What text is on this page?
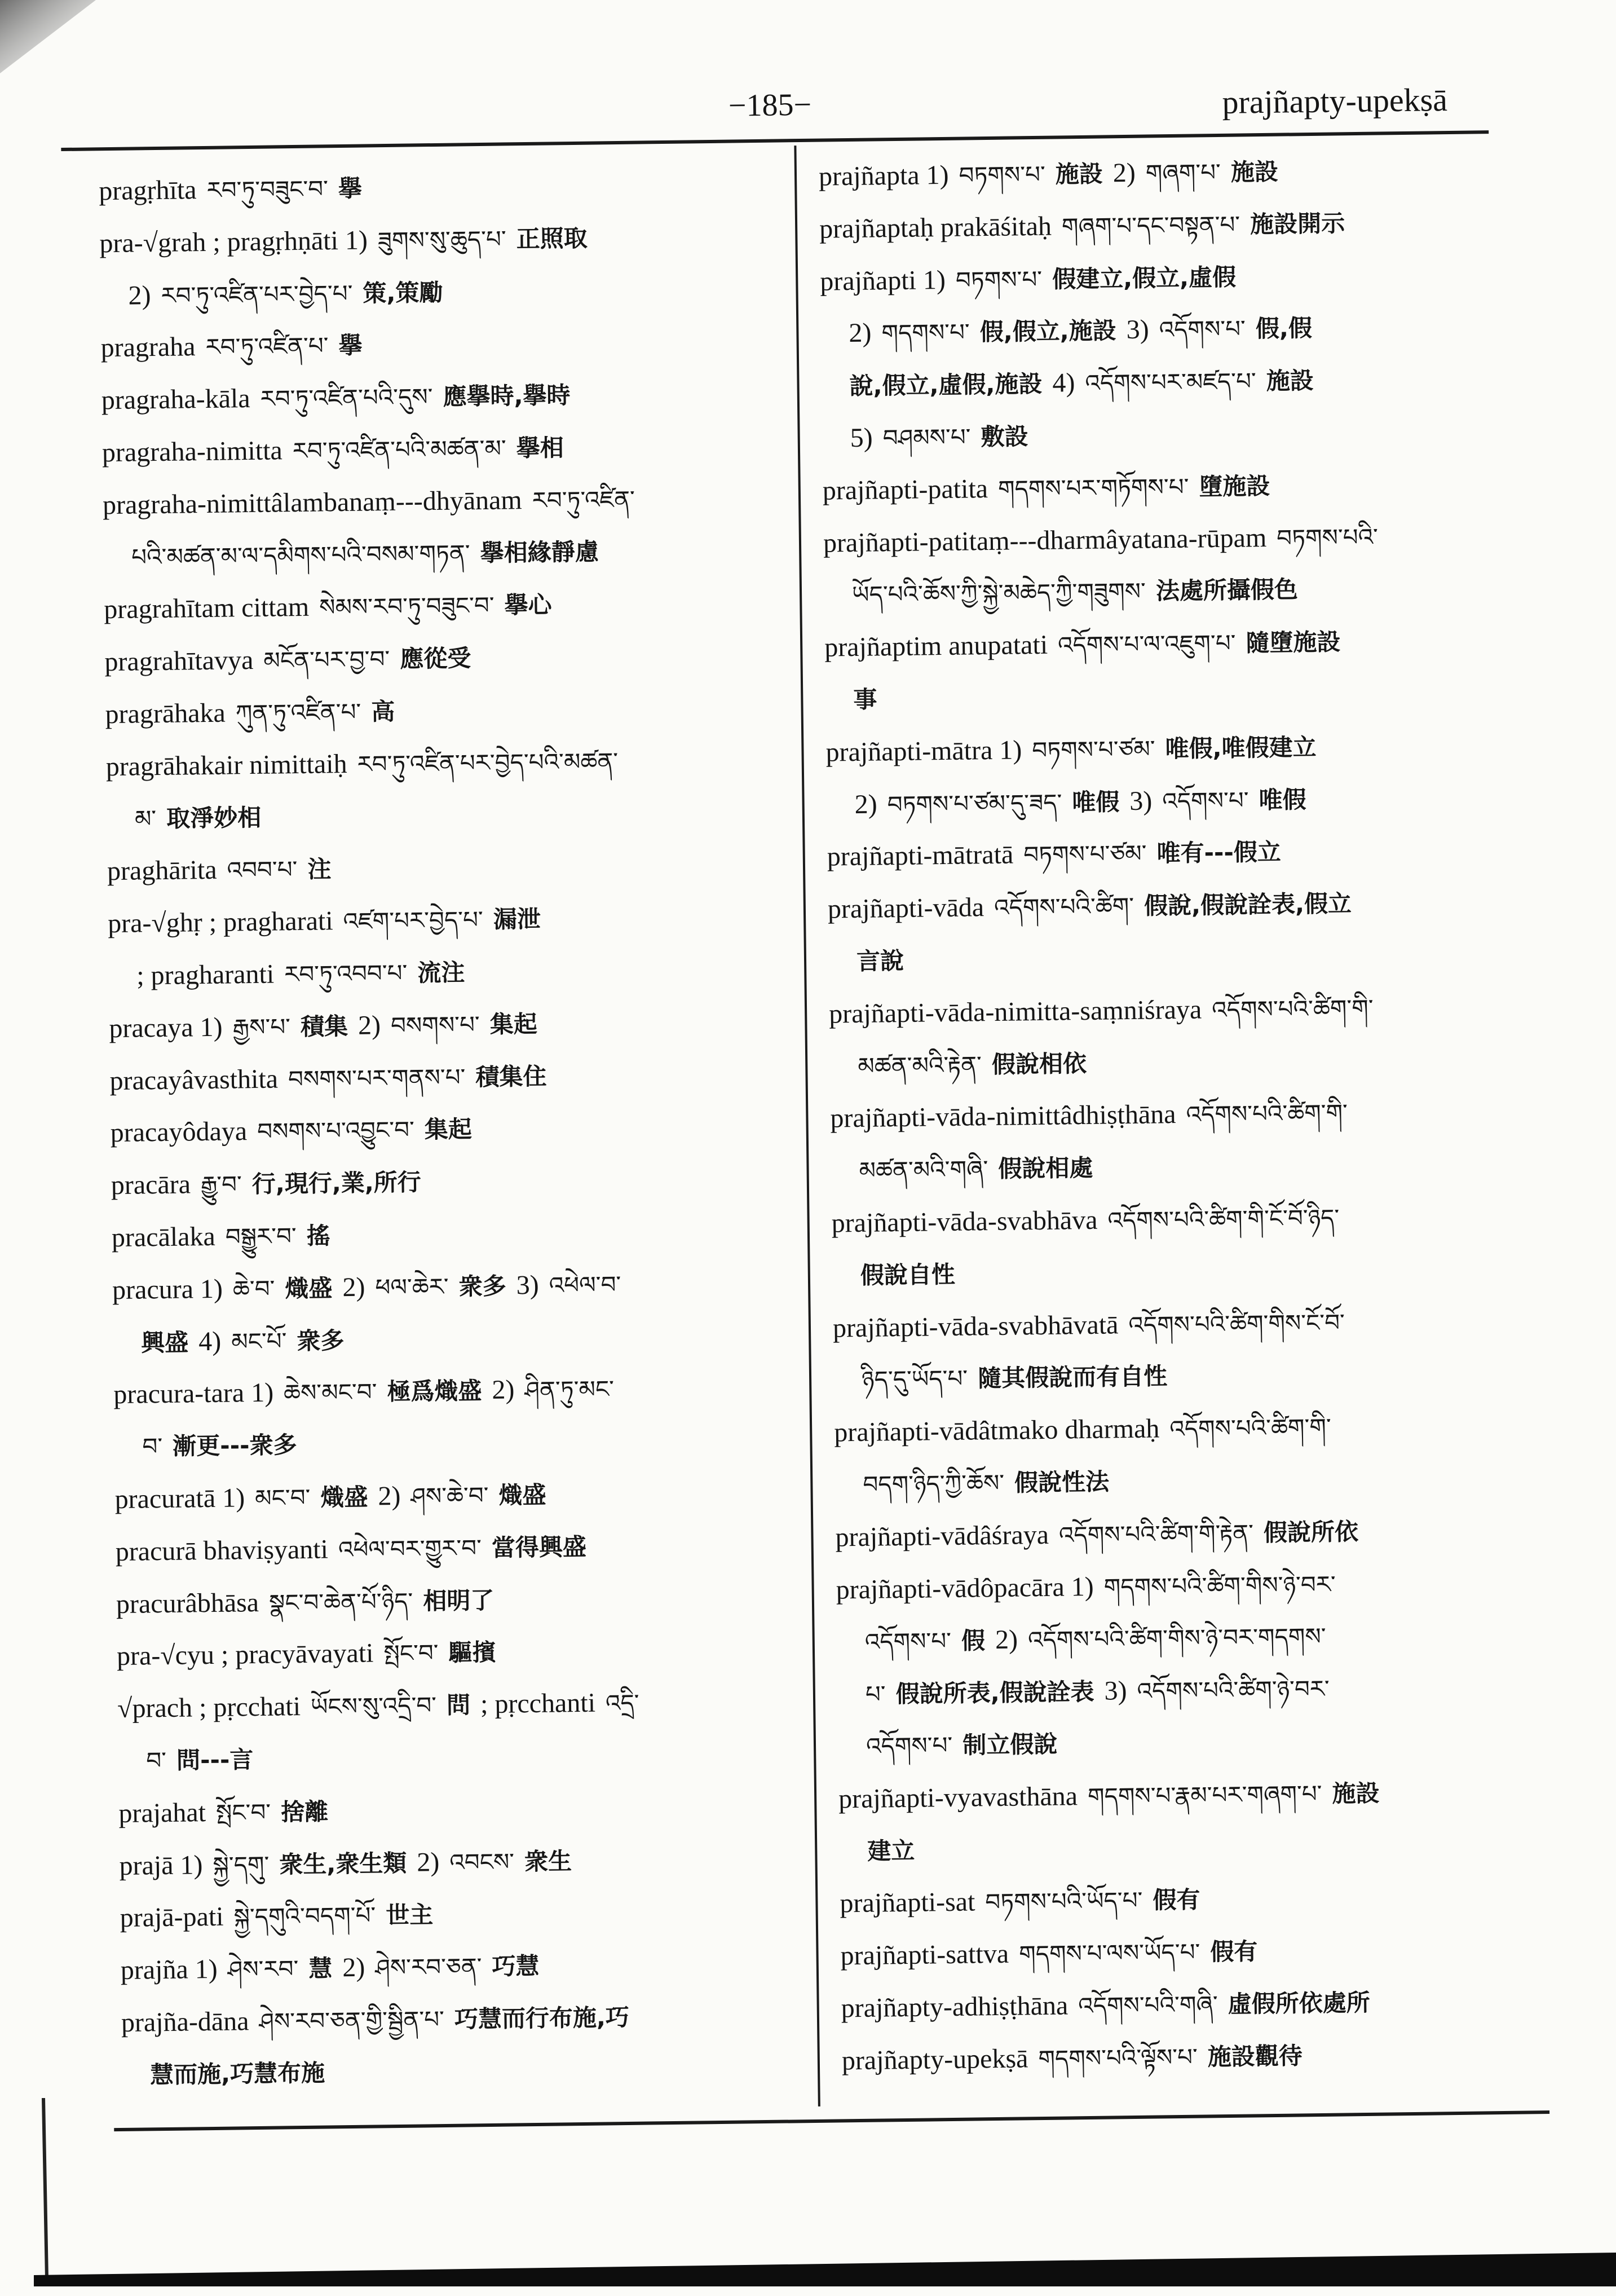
−185−	prajñapty-upekṣā
pragṛhīta རབ་ཏུ་བཟུང་བ་ 擧
pra-√grah ; pragṛhṇāti 1) ཟུགས་སུ་ཆུད་པ་ 正照取
2) རབ་ཏུ་འཛིན་པར་བྱེད་པ་ 策,策勵
pragraha རབ་ཏུ་འཛིན་པ་ 擧
pragraha-kāla རབ་ཏུ་འཛིན་པའི་དུས་ 應擧時,擧時
pragraha-nimitta རབ་ཏུ་འཛིན་པའི་མཚན་མ་ 擧相
pragraha-nimittâlambanaṃ---dhyānam རབ་ཏུ་འཛིན་
པའི་མཚན་མ་ལ་དམིགས་པའི་བསམ་གཏན་ 擧相緣靜慮
pragrahītam cittam སེམས་རབ་ཏུ་བཟུང་བ་ 擧心
pragrahītavya མངོན་པར་བྱ་བ་ 應從受
pragrāhaka ཀུན་ཏུ་འཛིན་པ་ 高
pragrāhakair nimittaiḥ རབ་ཏུ་འཛིན་པར་བྱེད་པའི་མཚན་
མ་ 取淨妙相
praghārita འབབ་པ་ 注
pra-√ghṛ ; pragharati འཛག་པར་བྱེད་པ་ 漏泄
; pragharanti རབ་ཏུ་འབབ་པ་ 流注
pracaya 1) རྒྱས་པ་ 積集 2) བསགས་པ་ 集起
pracayâvasthita བསགས་པར་གནས་པ་ 積集住
pracayôdaya བསགས་པ་འབྱུང་བ་ 集起
pracāra རྒྱུ་བ་ 行,現行,業,所行
pracālaka བསྒྱུར་བ་ 搖
pracura 1) ཆེ་བ་ 熾盛 2) ཕལ་ཆེར་ 衆多 3) འཕེལ་བ་
興盛 4) མང་པོ་ 衆多
pracura-tara 1) ཆེས་མང་བ་ 極爲熾盛 2) ཤིན་ཏུ་མང་
བ་ 漸更---衆多
pracuratā 1) མང་བ་ 熾盛 2) ཤས་ཆེ་བ་ 熾盛
pracurā bhaviṣyanti འཕེལ་བར་གྱུར་བ་ 當得興盛
pracurâbhāsa སྣང་བ་ཆེན་པོ་ཉིད་ 相明了
pra-√cyu ; pracyāvayati སྤོང་བ་ 驅擯
√prach ; pṛcchati ཡོངས་སུ་འདྲི་བ་ 問 ; pṛcchanti འདྲི་
བ་ 問---言
prajahat སྤོང་བ་ 捨離
prajā 1) སྐྱེ་དགུ་ 衆生,衆生類 2) འབངས་ 衆生
prajā-pati སྐྱེ་དགུའི་བདག་པོ་ 世主
prajña 1) ཤེས་རབ་ 慧 2) ཤེས་རབ་ཅན་ 巧慧
prajña-dāna ཤེས་རབ་ཅན་གྱི་སྦྱིན་པ་ 巧慧而行布施,巧
慧而施,巧慧布施
prajñapta 1) བཏགས་པ་ 施設 2) གཞག་པ་ 施設
prajñaptaḥ prakāśitaḥ གཞག་པ་དང་བསྟན་པ་ 施設開示
prajñapti 1) བཏགས་པ་ 假建立,假立,虛假
2) གདགས་པ་ 假,假立,施設 3) འདོགས་པ་ 假,假
說,假立,虛假,施設 4) འདོགས་པར་མཛད་པ་ 施設
5) བཤམས་པ་ 敷設
prajñapti-patita གདགས་པར་གཏོགས་པ་ 墮施設
prajñapti-patitaṃ---dharmâyatana-rūpam བཏགས་པའི་
ཡོད་པའི་ཆོས་ཀྱི་སྐྱེ་མཆེད་ཀྱི་གཟུགས་ 法處所攝假色
prajñaptim anupatati འདོགས་པ་ལ་འཇུག་པ་ 隨墮施設
事
prajñapti-mātra 1) བཏགས་པ་ཙམ་ 唯假,唯假建立
2) བཏགས་པ་ཙམ་དུ་ཟད་ 唯假 3) འདོགས་པ་ 唯假
prajñapti-mātratā བཏགས་པ་ཙམ་ 唯有---假立
prajñapti-vāda འདོགས་པའི་ཚིག་ 假說,假說詮表,假立
言說
prajñapti-vāda-nimitta-saṃniśraya འདོགས་པའི་ཚིག་གི་
མཚན་མའི་རྟེན་ 假說相依
prajñapti-vāda-nimittâdhiṣṭhāna འདོགས་པའི་ཚིག་གི་
མཚན་མའི་གཞི་ 假說相處
prajñapti-vāda-svabhāva འདོགས་པའི་ཚིག་གི་ངོ་བོ་ཉིད་
假說自性
prajñapti-vāda-svabhāvatā འདོགས་པའི་ཚིག་གིས་ངོ་བོ་
ཉིད་དུ་ཡོད་པ་ 隨其假說而有自性
prajñapti-vādâtmako dharmaḥ འདོགས་པའི་ཚིག་གི་
བདག་ཉིད་ཀྱི་ཆོས་ 假說性法
prajñapti-vādâśraya འདོགས་པའི་ཚིག་གི་རྟེན་ 假說所依
prajñapti-vādôpacāra 1) གདགས་པའི་ཚིག་གིས་ཉེ་བར་
འདོགས་པ་ 假 2) འདོགས་པའི་ཚིག་གིས་ཉེ་བར་གདགས་
པ་ 假說所表,假說詮表 3) འདོགས་པའི་ཚིག་ཉེ་བར་
འདོགས་པ་ 制立假說
prajñapti-vyavasthāna གདགས་པ་རྣམ་པར་གཞག་པ་ 施設
建立
prajñapti-sat བཏགས་པའི་ཡོད་པ་ 假有
prajñapti-sattva གདགས་པ་ལས་ཡོད་པ་ 假有
prajñapty-adhiṣṭhāna འདོགས་པའི་གཞི་ 虛假所依處所
prajñapty-upekṣā གདགས་པའི་ལྟོས་པ་ 施設觀待
